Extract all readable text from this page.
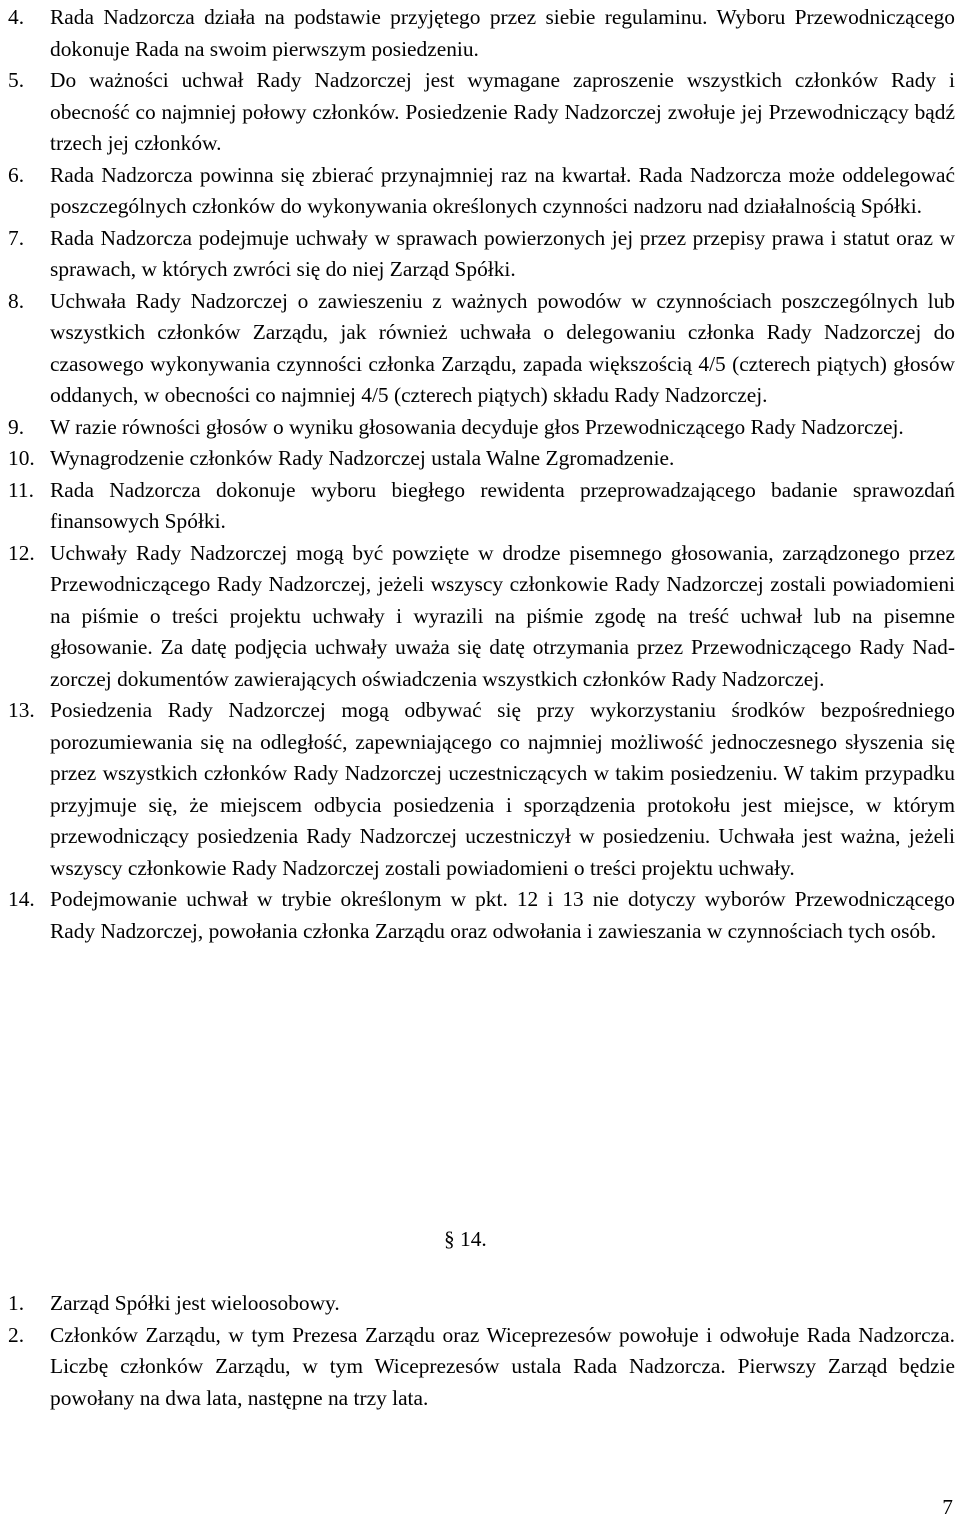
4.	Rada Nadzorcza działa na podstawie przyjętego przez siebie regulaminu. Wyboru Przewodniczącego dokonuje Rada na swoim pierwszym posiedzeniu.
5.	Do ważności uchwał Rady Nadzorczej jest wymagane zaproszenie wszystkich członków Rady i obecność co najmniej połowy członków. Posiedzenie Rady Nadzorczej zwołuje jej Przewodniczący bądź trzech jej członków.
6.	Rada Nadzorcza powinna się zbierać przynajmniej raz na kwartał. Rada Nadzorcza może oddelegować poszczególnych członków do wykonywania określonych czynności nadzoru nad działalnością Spółki.
7.	Rada Nadzorcza podejmuje uchwały w sprawach powierzonych jej przez przepisy prawa i statut oraz w sprawach, w których zwróci się do niej Zarząd Spółki.
8.	Uchwała Rady Nadzorczej o zawieszeniu z ważnych powodów w czynnościach poszczególnych lub wszystkich członków Zarządu, jak również uchwała o delegowaniu członka Rady Nadzorczej do czasowego wykonywania czynności członka Zarządu, zapada większością 4/5 (czterech piątych) głosów oddanych, w obecności co najmniej 4/5 (czterech piątych) składu Rady Nadzorczej.
9.	W razie równości głosów o wyniku głosowania decyduje głos Przewodniczącego Rady Nadzorczej.
10. Wynagrodzenie członków Rady Nadzorczej ustala Walne Zgromadzenie.
11. Rada Nadzorcza dokonuje wyboru biegłego rewidenta przeprowadzającego badanie sprawozdań finansowych Spółki.
12. Uchwały Rady Nadzorczej mogą być powzięte w drodze pisemnego głosowania, zarządzonego przez Przewodniczącego Rady Nadzorczej, jeżeli wszyscy członkowie Rady Nadzorczej zostali powiadomieni na piśmie o treści projektu uchwały i wyrazili na piśmie zgodę na treść uchwał lub na pisemne głosowanie. Za datę podjęcia uchwały uważa się datę otrzymania przez Przewodniczącego Rady Nadzorczej dokumentów zawierających oświadczenia wszystkich członków Rady Nadzorczej.
13. Posiedzenia Rady Nadzorczej mogą odbywać się przy wykorzystaniu środków bezpośredniego porozumiewania się na odległość, zapewniającego co najmniej możliwość jednoczesnego słyszenia się przez wszystkich członków Rady Nadzorczej uczestniczących w takim posiedzeniu. W takim przypadku przyjmuje się, że miejscem odbycia posiedzenia i sporządzenia protokołu jest miejsce, w którym przewodniczący posiedzenia Rady Nadzorczej uczestniczył w posiedzeniu. Uchwała jest ważna, jeżeli wszyscy członkowie Rady Nadzorczej zostali powiadomieni o treści projektu uchwały.
14. Podejmowanie uchwał w trybie określonym w pkt. 12 i 13 nie dotyczy wyborów Przewodniczącego Rady Nadzorczej, powołania członka Zarządu oraz odwołania i zawieszania w czynnościach tych osób.
§ 14.
1.	Zarząd Spółki jest wieloosobowy.
2.	Członków Zarządu, w tym Prezesa Zarządu oraz Wiceprezesów powołuje i odwołuje Rada Nadzorcza. Liczbę członków Zarządu, w tym Wiceprezesów ustala Rada Nadzorcza. Pierwszy Zarząd będzie powołany na dwa lata, następne na trzy lata.
7
